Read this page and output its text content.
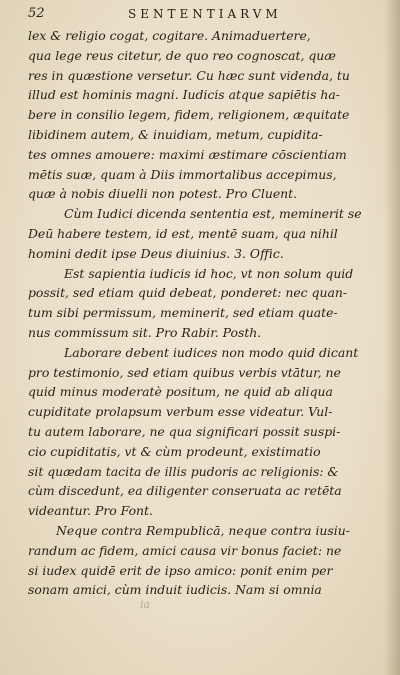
52	SENTENTIARVM
lex & religio cogat, cogitare. Animaduertere,
qua lege reus citetur, de quo reo cognoscat, quæ
res in quæstione versetur. Cu hæc sunt videnda, tu
illud est hominis magni. Iudicis atque sapiētis ha-
bere in consilio legem, fidem, religionem, æquitate
libidinem autem, & inuidiam, metum, cupidita-
tes omnes amouere: maximi æstimare cōscientiam
mētis suæ, quam à Diis immortalibus accepimus,
quæ à nobis diuelli non potest. Pro Cluent.
Cùm Iudici dicenda sententia est, meminerit se
Deū habere testem, id est, mentē suam, qua nihil
homini dedit ipse Deus diuinius. 3. Offic.
Est sapientia iudicis id hoc, vt non solum quid
possit, sed etiam quid debeat, ponderet: nec quan-
tum sibi permissum, meminerit, sed etiam quate-
nus commissum sit. Pro Rabir. Posth.
Laborare debent iudices non modo quid dicant
pro testimonio, sed etiam quibus verbis vtātur, ne
quid minus moderatè positum, ne quid ab aliqua
cupiditate prolapsum verbum esse videatur. Vul-
tu autem laborare, ne qua significari possit suspi-
cio cupiditatis, vt & cùm prodeunt, existimatio
sit quædam tacita de illis pudoris ac religionis: &
cùm discedunt, ea diligenter conseruata ac retēta
videantur. Pro Font.
Neque contra Rempublicā, neque contra iusiu-
randum ac fidem, amici causa vir bonus faciet: ne
si iudex quidē erit de ipso amico: ponit enim per
sonam amici, cùm induit iudicis. Nam si omnia
ia
